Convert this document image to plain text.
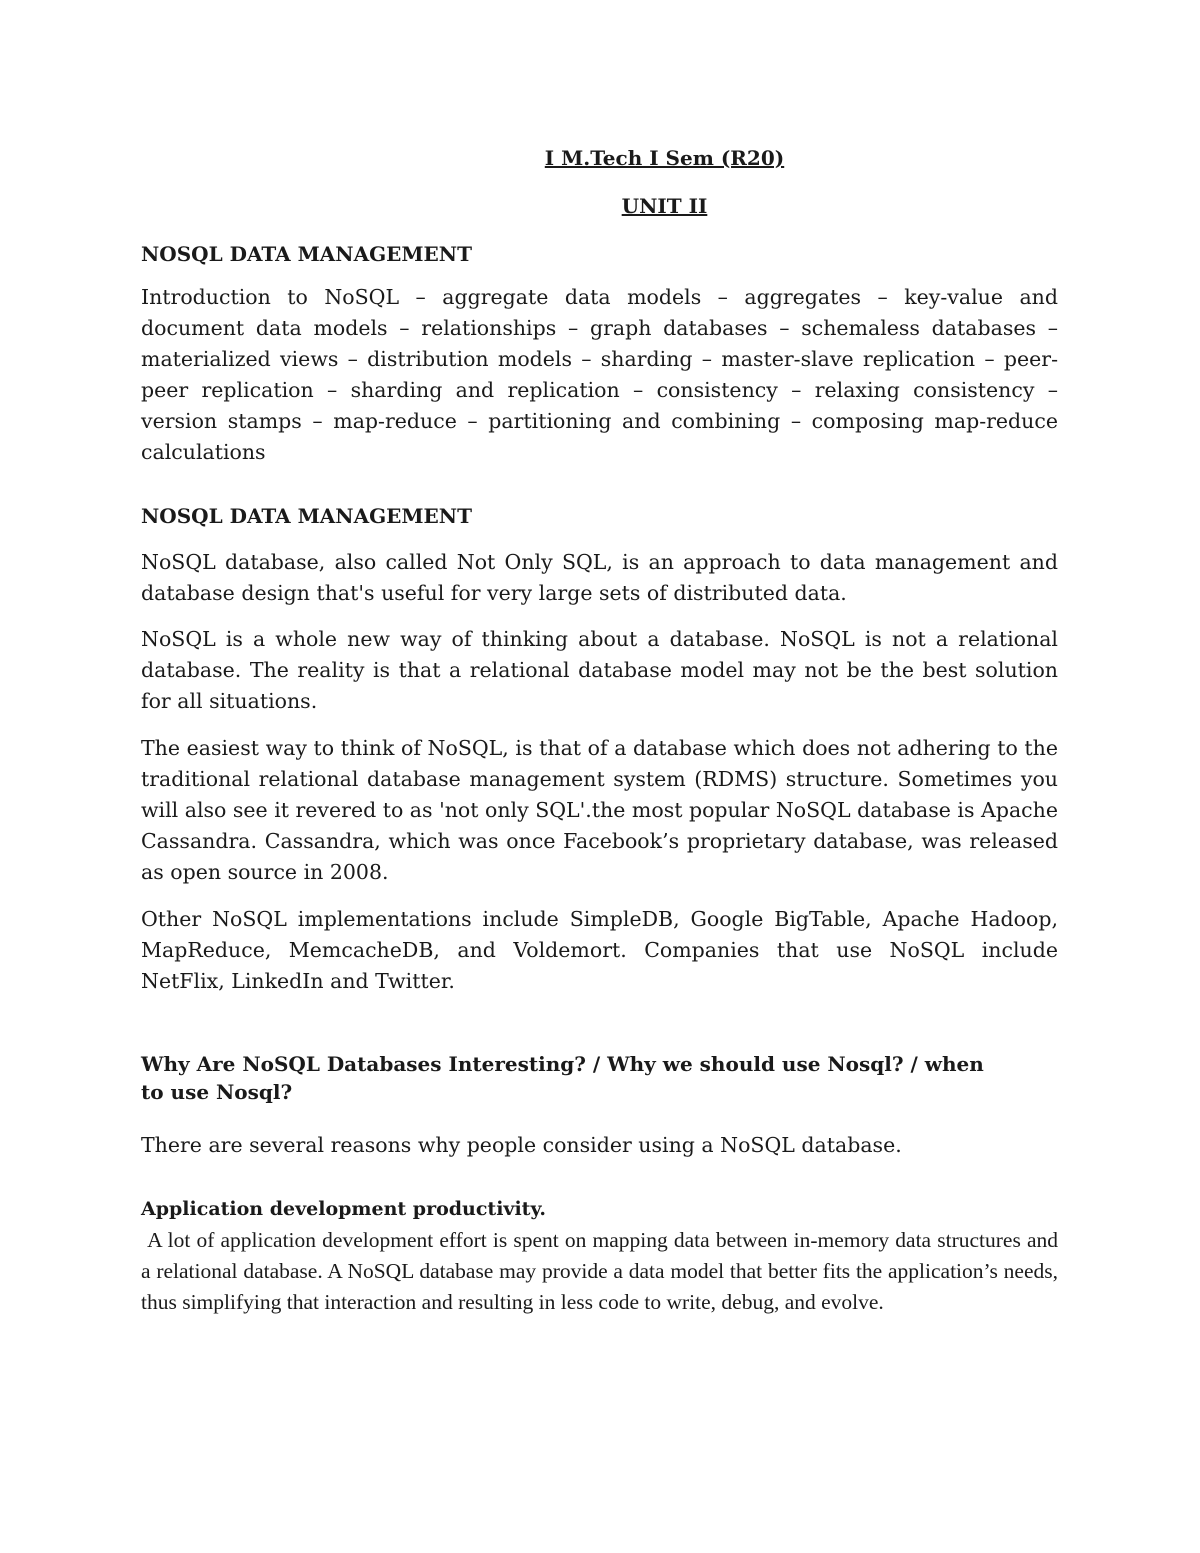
I M.Tech I Sem (R20)
UNIT II
NOSQL DATA MANAGEMENT

Introduction to NoSQL – aggregate data models – aggregates – key-value and document data models – relationships – graph databases – schemaless databases – materialized views – distribution models – sharding – master-slave replication – peer-peer replication – sharding and replication – consistency – relaxing consistency – version stamps – map-reduce – partitioning and combining – composing map-reduce calculations

NOSQL DATA MANAGEMENT

NoSQL database, also called Not Only SQL, is an approach to data management and database design that's useful for very large sets of distributed data.

NoSQL is a whole new way of thinking about a database. NoSQL is not a relational database. The reality is that a relational database model may not be the best solution for all situations.

The easiest way to think of NoSQL, is that of a database which does not adhering to the traditional relational database management system (RDMS) structure. Sometimes you will also see it revered to as 'not only SQL'.the most popular NoSQL database is Apache Cassandra. Cassandra, which was once Facebook’s proprietary database, was released as open source in 2008.

Other NoSQL implementations include SimpleDB, Google BigTable, Apache Hadoop, MapReduce, MemcacheDB, and Voldemort. Companies that use NoSQL include NetFlix, LinkedIn and Twitter.

Why Are NoSQL Databases Interesting? / Why we should use Nosql? / when to use Nosql?

There are several reasons why people consider using a NoSQL database.

Application development productivity.

A lot of application development effort is spent on mapping data between in-memory data structures and a relational database. A NoSQL database may provide a data model that better fits the application’s needs, thus simplifying that interaction and resulting in less code to write, debug, and evolve.
